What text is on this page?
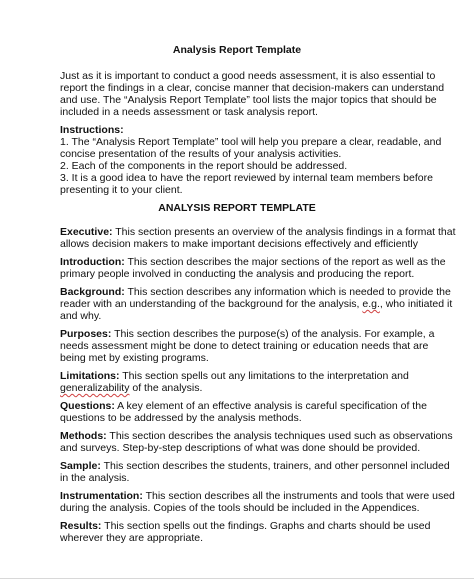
Analysis Report Template
Just as it is important to conduct a good needs assessment, it is also essential to
report the findings in a clear, concise manner that decision-makers can understand
and use. The “Analysis Report Template” tool lists the major topics that should be
included in a needs assessment or task analysis report.
Instructions:
1. The “Analysis Report Template” tool will help you prepare a clear, readable, and
concise presentation of the results of your analysis activities.
2. Each of the components in the report should be addressed.
3. It is a good idea to have the report reviewed by internal team members before
presenting it to your client.
ANALYSIS REPORT TEMPLATE
Executive: This section presents an overview of the analysis findings in a format that
allows decision makers to make important decisions effectively and efficiently
Introduction: This section describes the major sections of the report as well as the
primary people involved in conducting the analysis and producing the report.
Background: This section describes any information which is needed to provide the
reader with an understanding of the background for the analysis, e.g., who initiated it
and why.
Purposes: This section describes the purpose(s) of the analysis. For example, a
needs assessment might be done to detect training or education needs that are
being met by existing programs.
Limitations: This section spells out any limitations to the interpretation and
generalizability of the analysis.
Questions: A key element of an effective analysis is careful specification of the
questions to be addressed by the analysis methods.
Methods: This section describes the analysis techniques used such as observations
and surveys. Step-by-step descriptions of what was done should be provided.
Sample: This section describes the students, trainers, and other personnel included
in the analysis.
Instrumentation: This section describes all the instruments and tools that were used
during the analysis. Copies of the tools should be included in the Appendices.
Results: This section spells out the findings. Graphs and charts should be used
wherever they are appropriate.
